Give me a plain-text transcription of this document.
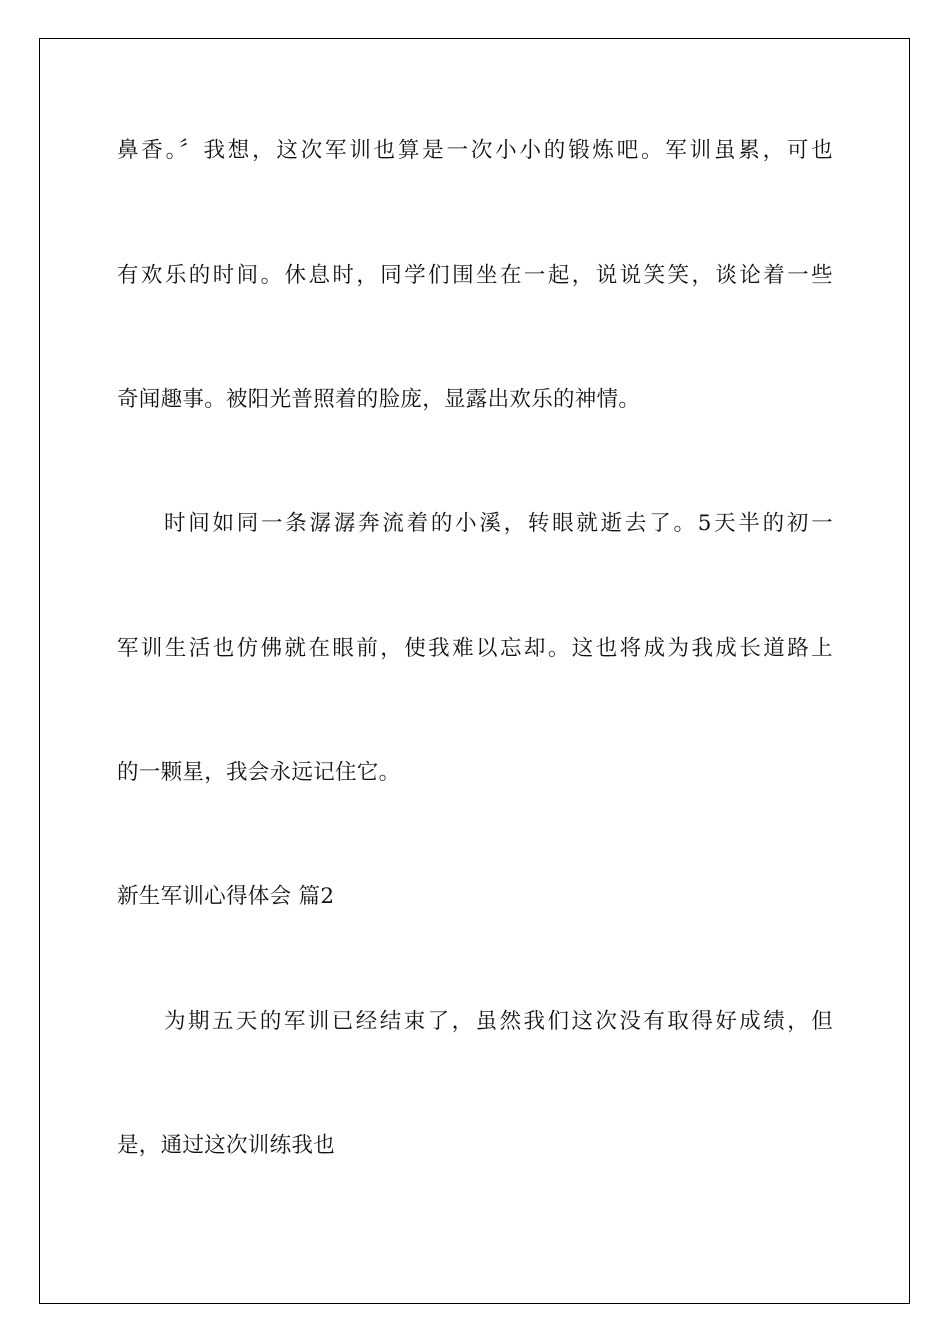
鼻香。〞我想，这次军训也算是一次小小的锻炼吧。军训虽累，可也

有欢乐的时间。休息时，同学们围坐在一起，说说笑笑，谈论着一些

奇闻趣事。被阳光普照着的脸庞，显露出欢乐的神情。

时间如同一条潺潺奔流着的小溪，转眼就逝去了。5天半的初一

军训生活也仿佛就在眼前，使我难以忘却。这也将成为我成长道路上

的一颗星，我会永远记住它。

新生军训心得体会 篇2

为期五天的军训已经结束了，虽然我们这次没有取得好成绩，但

是，通过这次训练我也
